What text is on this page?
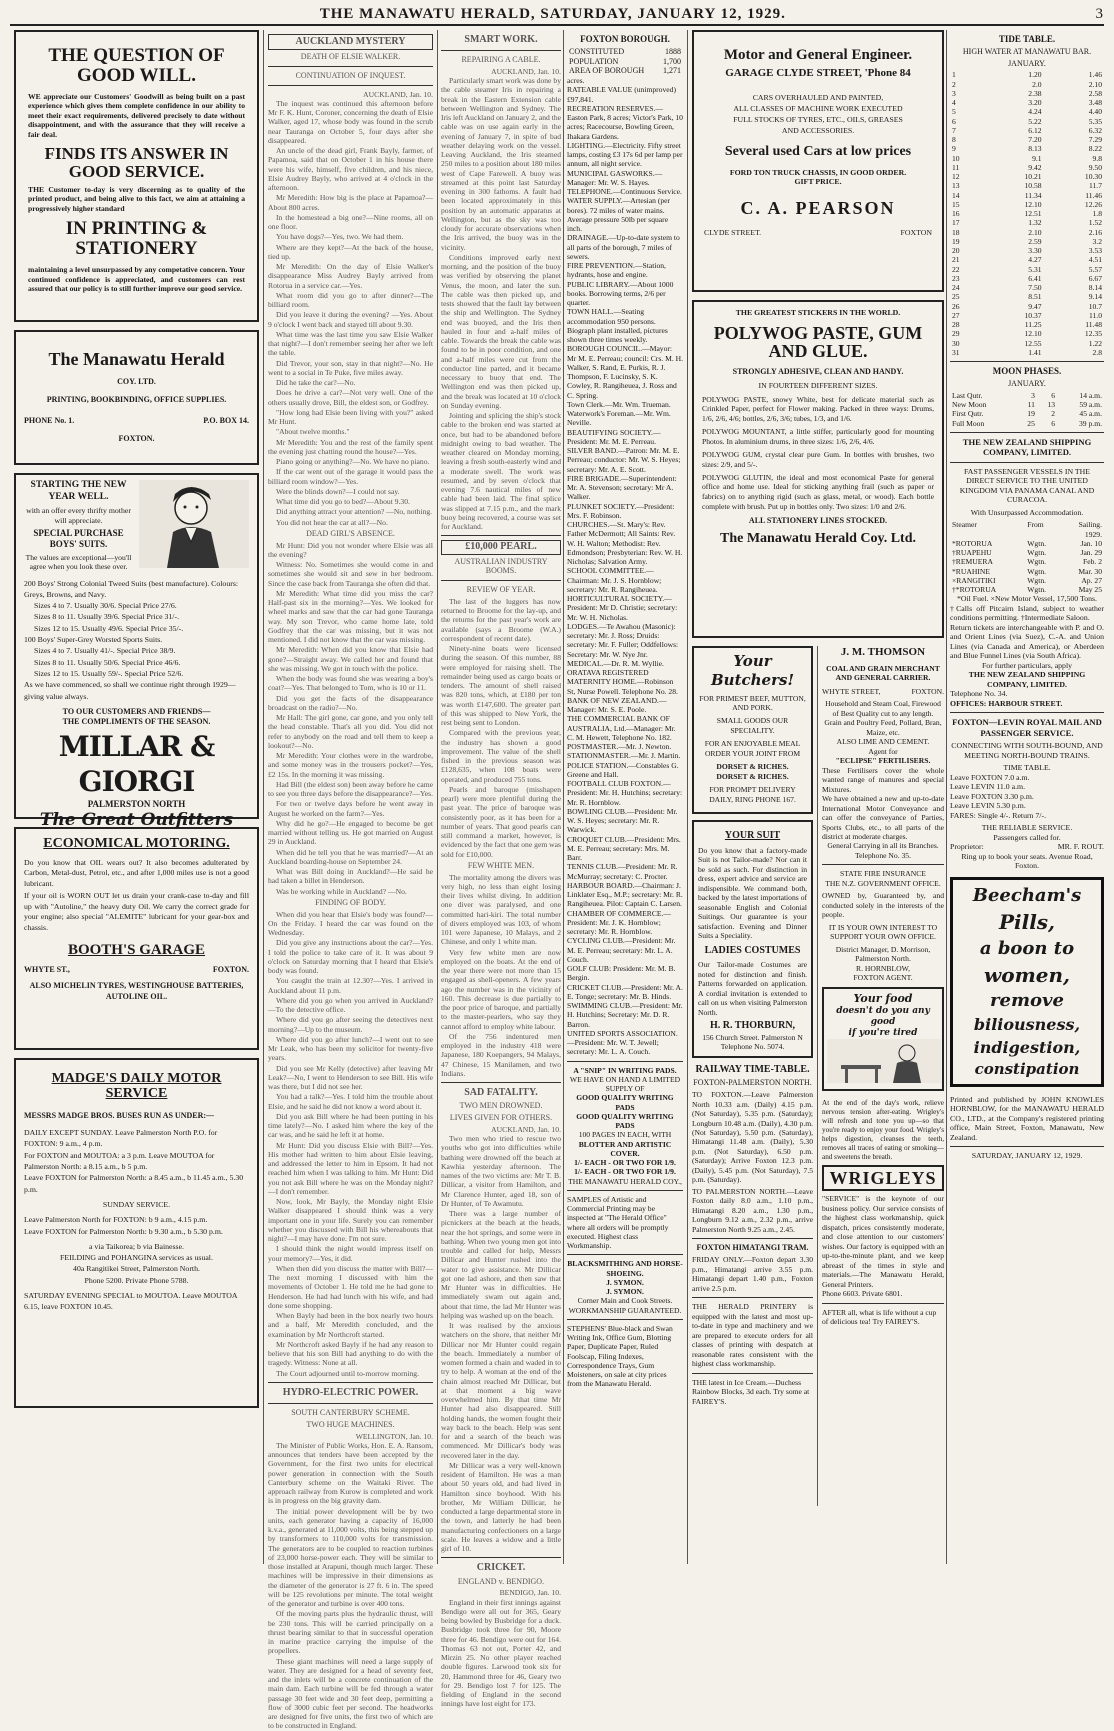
THE MANAWATU HERALD, SATURDAY, JANUARY 12, 1929.	3
THE QUESTION OF GOOD WILL.
WE appreciate our Customers' Goodwill as being built on a past experience which gives them complete confidence in our ability to meet their exact requirements, delivered precisely to date without disappointment, and with the assurance that they will receive a fair deal.
FINDS ITS ANSWER IN GOOD SERVICE.
THE Customer to-day is very discerning as to quality of the printed product, and being alive to this fact, we aim at attaining a progressively higher standard
IN PRINTING & STATIONERY
maintaining a level unsurpassed by any competative concern. Your continued confidence is appreciated, and customers can rest assured that our policy is to still further improve our good service.
The Manawatu Herald
COY. LTD.
PRINTING, BOOKBINDING, OFFICE SUPPLIES.
PHONE No. 1.	P.O. BOX 14.
FOXTON.
STARTING THE NEW YEAR WELL.
with an offer every thrifty mother will appreciate.
SPECIAL PURCHASE BOYS' SUITS.
The values are exceptional—you'll agree when you look these over.
200 Boys' Strong Colonial Tweed Suits (best manufacture). Colours: Greys, Browns, and Navy.
Sizes 4 to 7. Usually 30/6. Special Price 27/6.
Sizes 8 to 11. Usually 39/6. Special Price 31/-.
Sizes 12 to 15. Usually 49/6. Special Price 35/-.
100 Boys' Super-Grey Worsted Sports Suits.
Sizes 4 to 7. Usually 41/-. Special Price 38/9.
Sizes 8 to 11. Usually 50/6. Special Price 46/6.
Sizes 12 to 15. Usually 59/-. Special Price 52/6.
As we have commenced, so shall we continue right through 1929—giving value always.
TO OUR CUSTOMERS AND FRIENDS—
THE COMPLIMENTS OF THE SEASON.
MILLAR & GIORGI
PALMERSTON NORTH
The Great Outfitters
ECONOMICAL MOTORING.
Do you know that OIL wears out? It also becomes adulterated by Carbon, Metal-dust, Petrol, etc., and after 1,000 miles use is not a good lubricant.
If your oil is WORN OUT let us drain your crank-case to-day and fill up with "Autoline," the heavy duty Oil. We carry the correct grade for your engine; also special "ALEMITE" lubricant for your gear-box and chassis.
BOOTH'S GARAGE
WHYTE ST.,	FOXTON.
ALSO MICHELIN TYRES, WESTINGHOUSE BATTERIES, AUTOLINE OIL.
MADGE'S DAILY MOTOR SERVICE
MESSRS MADGE BROS. BUSES RUN AS UNDER:—
DAILY EXCEPT SUNDAY. Leave Palmerston North P.O. for FOXTON: 9 a.m., 4 p.m.
For FOXTON and MOUTOA: a 3 p.m. Leave MOUTOA for Palmerston North: a 8.15 a.m., b 5 p.m.
Leave FOXTON for Palmerston North: a 8.45 a.m., b 11.45 a.m., 5.30 p.m.
SUNDAY SERVICE.
Leave Palmerston North for FOXTON: b 9 a.m., 4.15 p.m.
Leave FOXTON for Palmerston North: b 9.30 a.m., b 5.30 p.m.
a via Taikorea; b via Bainesse.
FEILDING and POHANGINA services as usual.
40a Rangitikei Street, Palmerston North.
Phone 5200. Private Phone 5788.
SATURDAY EVENING SPECIAL to MOUTOA. Leave MOUTOA 6.15, leave FOXTON 10.45.
AUCKLAND MYSTERY
DEATH OF ELSIE WALKER.
CONTINUATION OF INQUEST.
AUCKLAND, Jan. 10.

The inquest was continued this afternoon before Mr F. K. Hunt, Coroner, concerning the death of Elsie Walker, aged 17, whose body was found in the scrub near Tauranga on October 5, four days after she disappeared.

An uncle of the dead girl, Frank Bayly, farmer, of Papamoa, said that on October 1 in his house there were his wife, himself, five children, and his niece, Elsie Audrey Bayly, who arrived at 4 o'clock in the afternoon.

Mr Meredith: How big is the place at Papamoa?—About 800 acres.

In the homestead a big one?—Nine rooms, all on one floor.

You have dogs?—Yes, two. We had them.

Where are they kept?—At the back of the house, tied up.

Mr Meredith: On the day of Elsie Walker's disappearance Miss Audrey Bayly arrived from Rotorua in a service car.—Yes.

What room did you go to after dinner?—The billiard room.

Did you leave it during the evening? —Yes. About 9 o'clock I went back and stayed till about 9.30.

What time was the last time you saw Elsie Walker that night?—I don't remember seeing her after we left the table.

Did Trevor, your son, stay in that night?—No. He went to a social in Te Puke, five miles away.

Did he take the car?—No.

Does he drive a car?—Not very well. One of the others usually drove, Bill, the eldest son, or Godfrey.

"How long had Elsie been living with you?" asked Mr Hunt.

"About twelve months."

Mr Meredith: You and the rest of the family spent the evening just chatting round the house?—Yes.

Piano going or anything?—No. We have no piano.

If the car went out of the garage it would pass the billiard room window?—Yes.

Were the blinds down?—I could not say.

What time did you go to bed?—About 9.30.

Did anything attract your attention? —No, nothing.

You did not hear the car at all?—No.

DEAD GIRL'S ABSENCE.

Mr Hunt: Did you not wonder where Elsie was all the evening?

Witness: No. Sometimes she would come in and sometimes she would sit and sew in her bedroom. Since the case back from Tauranga she often did that.

Mr Meredith: What time did you miss the car? Half-past six in the morning?—Yes. We looked for wheel marks and saw that the car had gone Tauranga way. My son Trevor, who came home late, told Godfrey that the car was missing, but it was not mentioned. I did not know that the car was missing.

Mr Meredith: When did you know that Elsie had gone?—Straight away. We called her and found that she was missing. We got in touch with the police.

When the body was found she was wearing a boy's coat?—Yes. That belonged to Tom, who is 10 or 11.

Did you get the facts of the disappearance broadcast on the radio?—No.

Mr Hall: The girl gone, car gone, and you only tell the head constable. That's all you did. You did not refer to anybody on the road and tell them to keep a lookout?—No.

Mr Meredith: Your clothes were in the wardrobe, and some money was in the trousers pocket?—Yes, £2 15s. In the morning it was missing.

Had Bill (the eldest son) been away before he came to see you three days before the disappearance?—Yes.

For two or twelve days before he went away in August he worked on the farm?—Yes.

Why did he go?—He engaged to become be get married without telling us. He got married on August 29 in Auckland.

When did he tell you that he was married?—At an Auckland boarding-house on September 24.

What was Bill doing in Auckland?—He said he had taken a billet in Henderson.

Was he working while in Auckland? —No.

FINDING OF BODY.

When did you hear that Elsie's body was found?—On the Friday. I heard the car was found on the Wednesday.

Did you give any instructions about the car?—Yes. I told the police to take care of it. It was about 9 o'clock on Saturday morning that I heard that Elsie's body was found.

You caught the train at 12.30?—Yes. I arrived in Auckland about 11 p.m.

Where did you go when you arrived in Auckland?—To the detective office.

Where did you go after seeing the detectives next morning?—Up to the museum.

Where did you go after lunch?—I went out to see Mr Leak, who has been my solicitor for twenty-five years.

Did you see Mr Kelly (detective) after leaving Mr Leak?—No, I went to Henderson to see Bill. His wife was there, but I did not see her.

You had a talk?—Yes. I told him the trouble about Elsie, and he said he did not know a word about it.

Did you ask Bill where he had been putting in his time lately?—No. I asked him where the key of the car was, and he said he left it at home.

Mr Hunt: Did you discuss Elsie with Bill?—Yes. His mother had written to him about Elsie leaving, and addressed the letter to him in Epsom. It had not reached him when I was talking to him. Mr Hunt: Did you not ask Bill where he was on the Monday night?—I don't remember.

Now, look, Mr Bayly, the Monday night Elsie Walker disappeared I should think was a very important one in your life. Surely you can remember whether you discussed with Bill his whereabouts that night?—I may have done. I'm not sure.

I should think the night would impress itself on your memory?—Yes, it did.

When then did you discuss the matter with Bill?—The next morning I discussed with him the movements of October 1. He told me he had gone to Henderson. He had had lunch with his wife, and had done some shopping.

When Bayly had been in the box nearly two hours and a half, Mr Meredith concluded, and the examination by Mr Northcroft started.

Mr Northcroft asked Bayly if he had any reason to believe that his son Bill had anything to do with the tragedy. Witness: None at all.

The Court adjourned until to-morrow morning.

HYDRO-ELECTRIC POWER.
SOUTH CANTERBURY SCHEME.
TWO HUGE MACHINES.
WELLINGTON, Jan. 10.

The Minister of Public Works, Hon. E. A. Ransom, announces that tenders have been accepted by the Government, for the first two units for electrical power generation in connection with the South Canterbury scheme on the Waitaki River. The approach railway from Kurow is completed and work is in progress on the big gravity dam.

The initial power development will be by two units, each generator having a capacity of 16,000 k.v.a., generated at 11,000 volts, this being stepped up by transformers to 110,000 volts for transmission. The generators are to be coupled to reaction turbines of 23,000 horse-power each. They will be similar to those installed at Arapuni, though much larger. These machines will be impressive in their dimensions as the diameter of the generator is 27 ft. 6 in. The speed will be 125 revolutions per minute. The total weight of the generator and turbine is over 400 tons.

Of the moving parts plus the hydraulic thrust, will be 230 tons. This will be carried principally on a thrust bearing similar to that in successful operation in marine practice carrying the impulse of the propellers.

These giant machines will need a large supply of water. They are designed for a head of seventy feet, and the inlets will be a concrete continuation of the main dam. Each turbine will be fed through a water passage 30 feet wide and 30 feet deep, permitting a flow of 3000 cubic feet per second. The headworks are designed for five units, the first two of which are to be constructed in England.

SMART WORK.
REPAIRING A CABLE.
AUCKLAND, Jan. 10.

Particularly smart work was done by the cable steamer Iris in repairing a break in the Eastern Extension cable between Wellington and Sydney. The Iris left Auckland on January 2, and the cable was on use again early in the evening of January 7, in spite of bad weather delaying work on the vessel. Leaving Auckland, the Iris steamed 250 miles to a position about 180 miles west of Cape Farewell. A buoy was streamed at this point last Saturday evening in 300 fathoms. A fault had been located approximately in this position by an automatic apparatus at Wellington, but as the sky was too cloudy for accurate observations when the Iris arrived, the buoy was in the vicinity.

Conditions improved early next morning, and the position of the buoy was verified by observing the planet Venus, the moon, and later the sun. The cable was then picked up, and tests showed that the fault lay between the ship and Wellington. The Sydney end was buoyed, and the Iris then hauled in four and a-half miles of cable. Towards the break the cable was found to be in poor condition, and one and a-half miles were cut from the conductor line parted, and it became necessary to buoy that end. The Wellington end was then picked up, and the break was located at 10 o'clock on Sunday evening.

Jointing and splicing the ship's stock cable to the broken end was started at once, but had to be abandoned before midnight owing to bad weather. The weather cleared on Monday morning, leaving a fresh south-easterly wind and a moderate swell. The work was resumed, and by seven o'clock that evening 7.6 nautical miles of new cable had been laid. The final splice was slipped at 7.15 p.m., and the mark buoy being recovered, a course was set for Auckland.

£10,000 PEARL.
AUSTRALIAN INDUSTRY BOOMS.
REVIEW OF YEAR.

The last of the luggers has now returned to Broome for the lay-up, and the returns for the past year's work are available (says a Broome (W.A.) correspondent of recent date).

Ninety-nine boats were licensed during the season. Of this number, 88 were employed for raising shell. The remainder being used as cargo boats or tenders. The amount of shell raised was 820 tons, which, at £180 per ton was worth £147,600. The greater part of this was shipped to New York, the rest being sent to London.

Compared with the previous year, the industry has shown a good improvement. The value of the shell fished in the previous season was £128,635, when 108 boats were operated, and produced 755 tons.

Pearls and baroque (misshapen pearl) were more plentiful during the past year. The price of baroque was consistently poor, as it has been for a number of years. That good pearls can still command a market, however, is evidenced by the fact that one gem was sold for £10,000.

FEW WHITE MEN.

The mortality among the divers was very high, no less than eight losing their lives whilst diving. In addition one diver was paralysed, and one committed hari-kiri. The total number of divers employed was 103, of whom 101 were Japanese, 10 Malays, and 2 Chinese, and only 1 white man.

Very few white men are now employed on the boats. At the end of the year there were not more than 15 engaged as shell-openers. A few years ago the number was in the vicinity of 160. This decrease is due partially to the poor price of baroque, and partially to the master-pearlers, who say they cannot afford to employ white labour.

Of the 756 indentured men employed in the industry 418 were Japanese, 180 Koepangers, 94 Malays, 47 Chinese, 15 Manilamen, and two Indians.

SAD FATALITY.
TWO MEN DROWNED.
LIVES GIVEN FOR OTHERS.
AUCKLAND, Jan. 10.

Two men who tried to rescue two youths who got into difficulties while bathing were drowned off the beach at Kawhia yesterday afternoon. The names of the two victims are: Mr T. B. Dillicar, a visitor from Hamilton, and Mr Clarence Hunter, aged 18, son of Dr Hunter, of Te Awamutu.

There was a large number of picnickers at the beach at the heads, near the hot springs, and some were in bathing. When two young men got into trouble and called for help, Messrs Dillicar and Hunter rushed into the water to give assistance. Mr Dillicar got one lad ashore, and then saw that Mr Hunter was in difficulties. He immediately swam out again and, about that time, the lad Mr Hunter was helping was washed up on the beach.

It was realised by the anxious watchers on the shore, that neither Mr Dillicar nor Mr Hunter could regain the beach. Immediately a number of women formed a chain and waded in to try to help. A woman at the end of the chain almost reached Mr Dillicar, but at that moment a big wave overwhelmed him. By that time Mr Hunter had also disappeared. Still holding hands, the women fought their way back to the beach. Help was sent for and a search of the beach was commenced. Mr Dillicar's body was recovered later in the day.

Mr Dillicar was a very well-known resident of Hamilton. He was a man about 50 years old, and had lived in Hamilton since boyhood. With his brother, Mr William Dillicar, he conducted a large departmental store in the town, and latterly he had been manufacturing confectioners on a large scale. He leaves a widow and a little girl of 10.

CRICKET.
ENGLAND v. BENDIGO.
BENDIGO, Jan. 10.

England in their first innings against Bendigo were all out for 365, Geary being bowled by Busbridge for a duck. Busbridge took three for 90, Moore three for 46. Bendigo were out for 164. Thomas 63 not out, Porter 42, and Mirzin 25. No other player reached double figures. Larwood took six for 20, Hammond three for 46, Geary two for 29. Bendigo lost 7 for 125. The fielding of England in the second innings have lost eight for 173.

FOXTON BOROUGH.
CONSTITUTED	1888
POPULATION	1,700
AREA OF BOROUGH	1,271
acres.
RATEABLE VALUE (unimproved) £97,841.
RECREATION RESERVES.—Easton Park, 8 acres; Victor's Park, 10 acres; Racecourse, Bowling Green, Ihakara Gardens.
LIGHTING.—Electricity. Fifty street lamps, costing £3 17s 6d per lamp per annum, all night service.
MUNICIPAL GASWORKS.—Manager: Mr. W. S. Hayes.
TELEPHONE.—Continuous Service.
WATER SUPPLY.—Artesian (per bores). 72 miles of water mains. Average pressure 50lb per square inch.
DRAINAGE.—Up-to-date system to all parts of the borough, 7 miles of sewers.
FIRE PREVENTION.—Station, hydrants, hose and engine.
PUBLIC LIBRARY.—About 1000 books. Borrowing terms, 2/6 per quarter.
TOWN HALL.—Seating accommodation 950 persons. Biograph plant installed, pictures shown three times weekly.
BOROUGH COUNCIL.—Mayor: Mr M. E. Perreau; council: Crs. M. H. Walker, S. Rand, E. Purkis, R. J. Thompson, F. Lucinsky, S. K. Cowley, R. Rangiheuea, J. Ross and C. Spring.
Town Clerk.—Mr. Wm. Trueman.
Waterwork's Foreman.—Mr. Wm. Neville.
BEAUTIFYING SOCIETY.—President: Mr. M. E. Perreau.
SILVER BAND.—Patron: Mr. M. E. Perreau; conductor: Mr. W. S. Heyes; secretary: Mr. A. E. Scott.
FIRE BRIGADE.—Superintendent: Mr. A. Stevenson; secretary: Mr A. Walker.
PLUNKET SOCIETY.—President: Mrs. F. Robinson.
CHURCHES.—St. Mary's: Rev. Father McDermott; All Saints: Rev. W. H. Walton; Methodist: Rev. Edmondson; Presbyterian: Rev. W. H. Nicholas; Salvation Army.
SCHOOL COMMITTEE.—Chairman: Mr. J. S. Hornblow; secretary: Mr. R. Rangiheuea.
HORTICULTURAL SOCIETY.—President: Mr D. Christie; secretary: Mr. W. H. Nicholas.
LODGES.—Te Awahou (Masonic): secretary: Mr. J. Ross; Druids: secretary: Mr. F. Fuller; Oddfellows: Secretary: Mr. W. Nye Jnr.
MEDICAL.—Dr. R. M. Wyllie.
ORATAVA REGISTERED MATERNITY HOME.—Robinson St, Nurse Powell. Telephone No. 28.
BANK OF NEW ZEALAND.—Manager: Mr. S. E. Poole.
THE COMMERCIAL BANK OF AUSTRALIA, Ltd.—Manager: Mr. C. M. Hewett, Telephone No. 182.
POSTMASTER.—Mr. J. Newton.
STATIONMASTER.—Mr. J. Martin.
POLICE STATION.—Constables G. Greene and Hall.
FOOTBALL CLUB FOXTON.—President: Mr. H. Hutchins; secretary: Mr. R. Hornblow.
BOWLING CLUB.—President: Mr. W. S. Heyes; secretary: Mr. R. Warwick.
CROQUET CLUB.—President: Mrs. M. E. Perreau; secretary: Mrs. M. Barr.
TENNIS CLUB.—President: Mr. R. McMurray; secretary: C. Procter.
HARBOUR BOARD.—Chairman: J. Linklater Esq., M.P.; secretary: Mr. R. Rangiheuea. Pilot: Captain C. Larsen.
CHAMBER OF COMMERCE.—President: Mr. J. K. Hornblow; secretary: Mr. R. Hornblow.
CYCLING CLUB.—President: Mr. M. E. Perreau; secretary: Mr. L. A. Couch.
GOLF CLUB: President: Mr. M. B. Bergin.
CRICKET CLUB.—President: Mr. A. E. Tonge; secretary: Mr. B. Hinds.
SWIMMING CLUB.—President: Mr. H. Hutchins; Secretary: Mr. D. R. Barron.
UNITED SPORTS ASSOCIATION.—President: Mr. W. T. Jewell; secretary: Mr. L. A. Couch.
A "SNIP" IN WRITING PADS.
WE HAVE ON HAND A LIMITED SUPPLY OF
GOOD QUALITY WRITING PADS
GOOD QUALITY WRITING PADS
100 PAGES IN EACH, WITH
BLOTTER AND ARTISTIC COVER.
1/- EACH - OR TWO FOR 1/9.
1/- EACH - OR TWO FOR 1/9.
THE MANAWATU HERALD COY.,
SAMPLES of Artistic and Commercial Printing may be inspected at "The Herald Office" where all orders will be promptly executed. Highest class Workmanship.
BLACKSMITHING AND HORSE-SHOEING.
J. SYMON.
J. SYMON.
Corner Main and Cook Streets.
WORKMANSHIP GUARANTEED.
STEPHENS' Blue-black and Swan Writing Ink, Office Gum, Blotting Paper, Duplicate Paper, Ruled Foolscap, Filing Indexes, Correspondence Trays, Gum Moisteners, on sale at city prices from the Manawatu Herald.
Motor and General Engineer.
GARAGE CLYDE STREET, 'Phone 84
CARS OVERHAULED AND PAINTED,
ALL CLASSES OF MACHINE WORK EXECUTED
FULL STOCKS OF TYRES, ETC., OILS, GREASES
AND ACCESSORIES.
Several used Cars at low prices
FORD TON TRUCK CHASSIS, IN GOOD ORDER.
GIFT PRICE.
C. A. PEARSON
CLYDE STREET.	FOXTON
THE GREATEST STICKERS IN THE WORLD.
POLYWOG PASTE, GUM AND GLUE.
STRONGLY ADHESIVE, CLEAN AND HANDY.
IN FOURTEEN DIFFERENT SIZES.
POLYWOG PASTE, snowy White, best for delicate material such as Crinkled Paper, perfect for Flower making. Packed in three ways: Drums, 1/6, 2/6, 4/6; bottles, 2/6, 3/6; tubes, 1/3, and 1/6.
POLYWOG MOUNTANT, a little stiffer, particularly good for mounting Photos. In aluminium drums, in three sizes: 1/6, 2/6, 4/6.
POLYWOG GUM, crystal clear pure Gum. In bottles with brushes, two sizes: 2/9, and 5/-.
POLYWOG GLUTIN, the ideal and most economical Paste for general office and home use. Ideal for sticking anything frail (such as paper or fabrics) on to anything rigid (such as glass, metal, or wood). Each bottle complete with brush. Put up in bottles only. Two sizes: 1/0 and 2/6.
ALL STATIONERY LINES STOCKED.
The Manawatu Herald Coy. Ltd.
Your Butchers!
FOR PRIMEST BEEF, MUTTON, AND PORK.
SMALL GOODS OUR SPECIALITY.
FOR AN ENJOYABLE MEAL ORDER YOUR JOINT FROM
DORSET & RICHES.
DORSET & RICHES.
FOR PROMPT DELIVERY DAILY, RING PHONE 167.
YOUR SUIT
Do you know that a factory-made Suit is not Tailor-made? Nor can it be sold as such. For distinction in dress, expert advice and service are indispensible. We command both, backed by the latest importations of seasonable English and Colonial Suitings. Our guarantee is your satisfaction. Evening and Dinner Suits a Speciality.
LADIES COSTUMES
Our Tailor-made Costumes are noted for distinction and finish. Patterns forwarded on application. A cordial invitation is extended to call on us when visiting Palmerston North.
H. R. THORBURN,
156 Church Street. Palmerston N Telephone No. 5074.
RAILWAY TIME-TABLE.
FOXTON-PALMERSTON NORTH.
TO FOXTON.—Leave Palmerston North 10.33 a.m. (Daily) 4.15 p.m. (Not Saturday), 5.35 p.m. (Saturday); Longburn 10.48 a.m. (Daily), 4.30 p.m. (Not Saturday), 5.50 p.m. (Saturday), Himatangi 11.48 a.m. (Daily), 5.30 p.m. (Not Saturday), 6.50 p.m. (Saturday); Arrive Foxton 12.3 p.m. (Daily), 5.45 p.m. (Not Saturday), 7.5 p.m. (Saturday).
TO PALMERSTON NORTH.—Leave Foxton daily 8.0 a.m., 1.10 p.m., Himatangi 8.20 a.m., 1.30 p.m., Longburn 9.12 a.m., 2.32 p.m., arrive Palmerston North 9.25 a.m., 2.45.
FOXTON HIMATANGI TRAM.
FRIDAY ONLY.—Foxton depart 3.30 p.m., Himatangi arrive 3.55 p.m. Himatangi depart 1.40 p.m., Foxton arrive 2.5 p.m.
THE HERALD PRINTERY is equipped with the latest and most up-to-date in type and machinery and we are prepared to execute orders for all classes of printing with despatch at reasonable rates consistent with the highest class workmanship.
THE latest in Ice Cream.—Duchess Rainbow Blocks, 3d each. Try some at FAIREY'S.
J. M. THOMSON
COAL AND GRAIN MERCHANT AND GENERAL CARRIER.
WHYTE STREET,	FOXTON.
Household and Steam Coal, Firewood of Best Quality cut to any length.
Grain and Poultry Feed, Pollard, Bran, Maize, etc.
ALSO LIME AND CEMENT.
Agent for
"ECLIPSE" FERTILISERS.
These Fertilisers cover the whole wanted range of manures and special Mixtures.
We have obtained a new and up-to-date International Motor Conveyance and can offer the conveyance of Parties, Sports Clubs, etc., to all parts of the district at moderate charges.
General Carrying in all its Branches. Telephone No. 35.
STATE FIRE INSURANCE
THE N.Z. GOVERNMENT OFFICE.
OWNED by, Guaranteed by, and conducted solely in the interests of the people.
IT IS YOUR OWN INTEREST TO SUPPORT YOUR OWN OFFICE.
District Manager, D. Morrison, Palmerston North.
R. HORNBLOW,
FOXTON AGENT.
Your food
doesn't do you any good
if you're tired
At the end of the day's work, relieve nervous tension after-eating. Wrigley's will refresh and tone you up—so that you're ready to enjoy your food. Wrigley's helps digestion, cleanses the teeth, removes all traces of eating or smoking—and sweetens the breath.
WRIGLEYS
"SERVICE" is the keynote of our business policy. Our service consists of the highest class workmanship, quick dispatch, prices consistently moderate, and close attention to our customers' wishes. Our factory is equipped with an up-to-the-minute plant, and we keep abreast of the times in style and materials.—The Manawatu Herald, General Printers.
Phone 6603. Private 6801.
AFTER all, what is life without a cup of delicious tea! Try FAIREY'S.
TIDE TABLE.
HIGH WATER AT MANAWATU BAR.
JANUARY.
1	1.20	1.46
2	2.0	2.10
3	2.38	2.58
4	3.20	3.48
5	4.24	4.40
6	5.22	5.35
7	6.12	6.32
8	7.20	7.29
9	8.13	8.22
10	9.1	9.8
11	9.42	9.50
12	10.21	10.30
13	10.58	11.7
14	11.34	11.46
15	12.10	12.26
16	12.51	1.8
17	1.32	1.52
18	2.10	2.16
19	2.59	3.2
20	3.30	3.53
21	4.27	4.51
22	5.31	5.57
23	6.41	6.67
24	7.50	8.14
25	8.51	9.14
26	9.47	10.7
27	10.37	11.0
28	11.25	11.48
29	12.10	12.35
30	12.55	1.22
31	1.41	2.8
MOON PHASES.
JANUARY.
Last Qutr.	3	6	14 a.m.
New Moon	11	13	59 a.m.
First Qutr.	19	2	45 a.m.
Full Moon	25	6	39 p.m.
THE NEW ZEALAND SHIPPING COMPANY, LIMITED.
FAST PASSENGER VESSELS IN THE DIRECT SERVICE TO THE UNITED KINGDOM VIA PANAMA CANAL AND CURACOA.
With Unsurpassed Accommodation.
Steamer	From	Sailing.
		1929.
*ROTORUA	Wgtn.	Jan. 10
†RUAPEHU	Wgtn.	Jan. 29
†REMUERA	Wgtn.	Feb. 2
*RUAHINE	Wgtn.	Mar. 30
×RANGITIKI	Wgtn.	Ap. 27
†*ROTORUA	Wgtn.	May 25
*Oil Fuel. ×New Motor Vessel, 17,500 Tons.
†Calls off Pitcairn Island, subject to weather conditions permitting. †Intermediate Saloon.
Return tickets are interchangeable with P. and O. and Orient Lines (via Suez), C.-A. and Union Lines (via Canada and America), or Aberdeen and Blue Funnel Lines (via South Africa).
For further particulars, apply
THE NEW ZEALAND SHIPPING COMPANY, LIMITED.
Telephone No. 34.
OFFICES: HARBOUR STREET.
FOXTON—LEVIN ROYAL MAIL AND PASSENGER SERVICE.
CONNECTING WITH SOUTH-BOUND, AND MEETING NORTH-BOUND TRAINS.
TIME TABLE.
Leave FOXTON 7.0 a.m.
Leave LEVIN 11.0 a.m.
Leave FOXTON 3.30 p.m.
Leave LEVIN 5.30 p.m.
FARES: Single 4/-. Return 7/-.
THE RELIABLE SERVICE.
Passengers called for.
Proprietor:	MR. F. ROUT.
Ring up to book your seats. Avenue Road, Foxton.
Beecham's
Pills,
a boon to
women,
remove
biliousness,
indigestion,
constipation
Printed and published by JOHN KNOWLES HORNBLOW, for the MANAWATU HERALD CO., LTD., at the Company's registered printing office, Main Street, Foxton, Manawatu, New Zealand.
SATURDAY, JANUARY 12, 1929.
